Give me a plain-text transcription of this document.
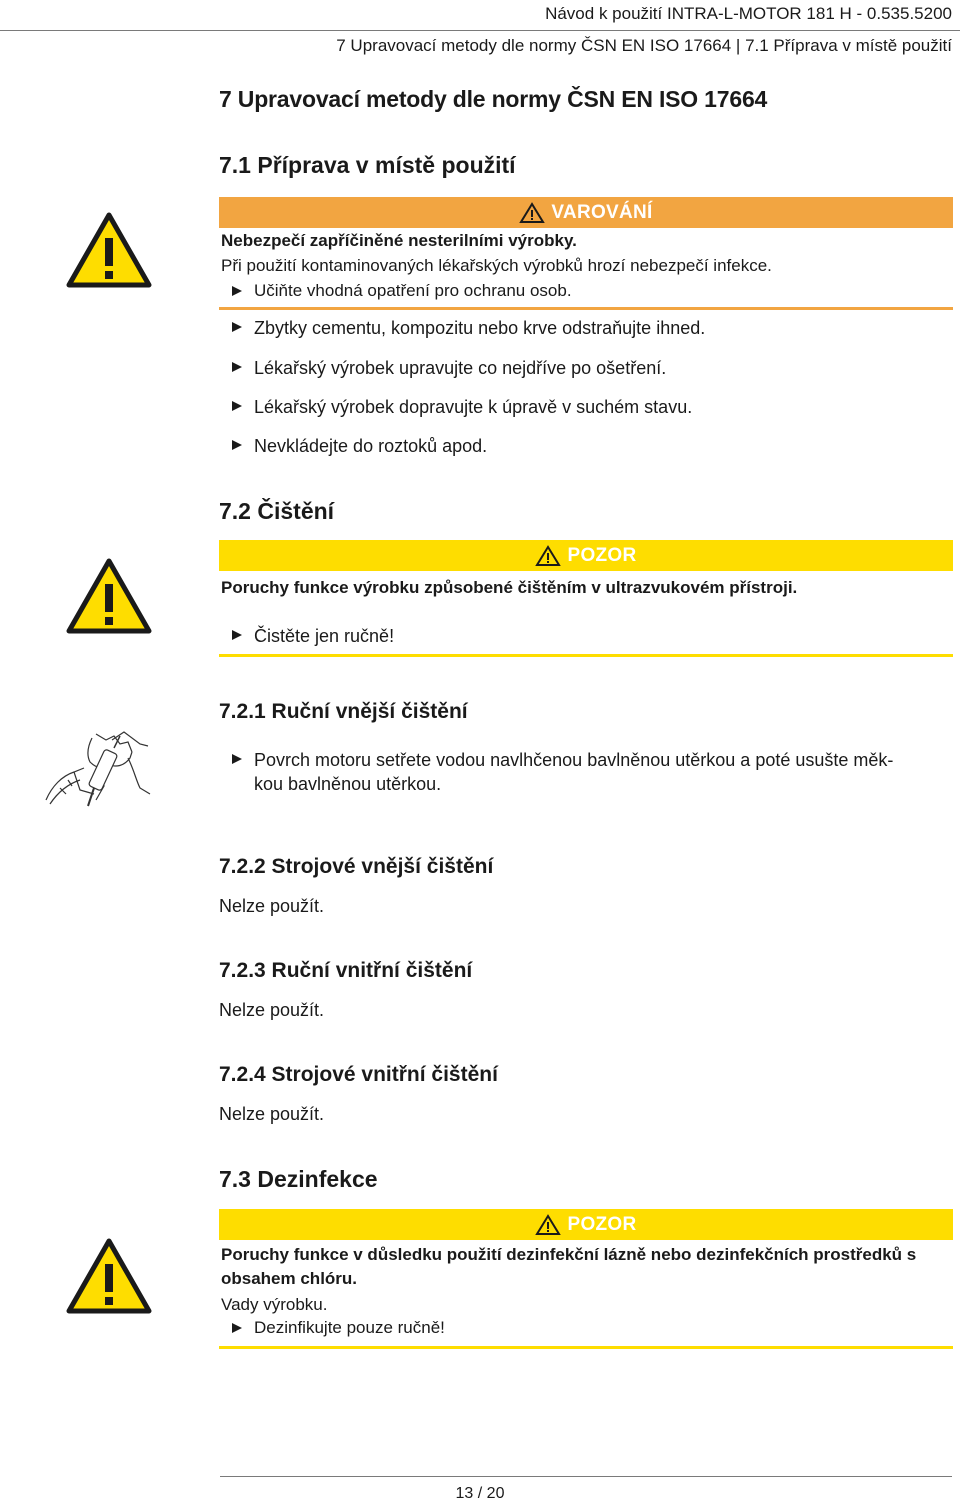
Návod k použití INTRA-L-MOTOR 181 H - 0.535.5200
7 Upravovací metody dle normy ČSN EN ISO 17664 | 7.1 Příprava v místě použití
7 Upravovací metody dle normy ČSN EN ISO 17664
7.1 Příprava v místě použití
VAROVÁNÍ
Nebezpečí zapříčiněné nesterilními výrobky.
Při použití kontaminovaných lékařských výrobků hrozí nebezpečí infekce.
Učiňte vhodná opatření pro ochranu osob.
Zbytky cementu, kompozitu nebo krve odstraňujte ihned.
Lékařský výrobek upravujte co nejdříve po ošetření.
Lékařský výrobek dopravujte k úpravě v suchém stavu.
Nevkládejte do roztoků apod.
7.2 Čištění
POZOR
Poruchy funkce výrobku způsobené čištěním v ultrazvukovém přístroji.
Čistěte jen ručně!
7.2.1 Ruční vnější čištění
Povrch motoru setřete vodou navlhčenou bavlněnou utěrkou a poté usušte měk-
kou bavlněnou utěrkou.
7.2.2 Strojové vnější čištění
Nelze použít.
7.2.3 Ruční vnitřní čištění
Nelze použít.
7.2.4 Strojové vnitřní čištění
Nelze použít.
7.3 Dezinfekce
POZOR
Poruchy funkce v důsledku použití dezinfekční lázně nebo dezinfekčních prostředků s
obsahem chlóru.
Vady výrobku.
Dezinfikujte pouze ručně!
13 / 20
